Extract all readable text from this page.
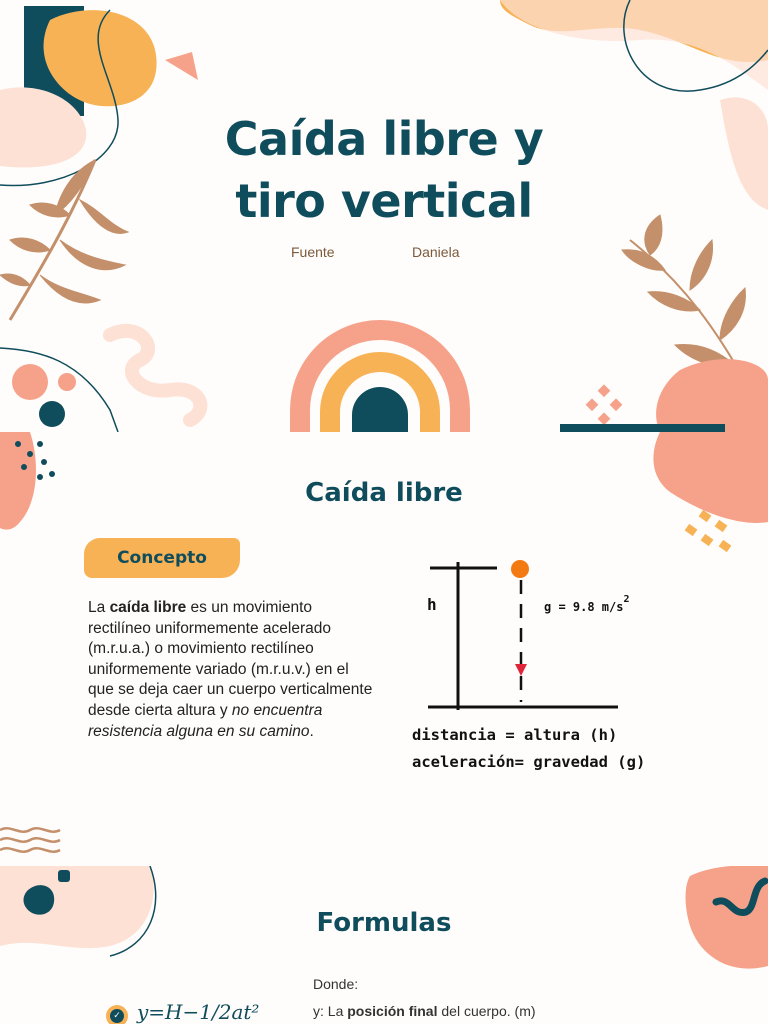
Caída libre y
tiro vertical
Fuente	Daniela
Caída libre
Concepto
La caída libre es un movimiento rectilíneo uniformemente acelerado (m.r.u.a.) o movimiento rectilíneo uniformemente variado (m.r.u.v.) en el que se deja caer un cuerpo verticalmente desde cierta altura y no encuentra resistencia alguna en su camino.
h	g = 9.8 $m/s^2$
distancia = altura (h)
aceleración= gravedad (g)
Formulas
Donde:
y: La posición final del cuerpo. (m)
✓ y=H−1/2at²
